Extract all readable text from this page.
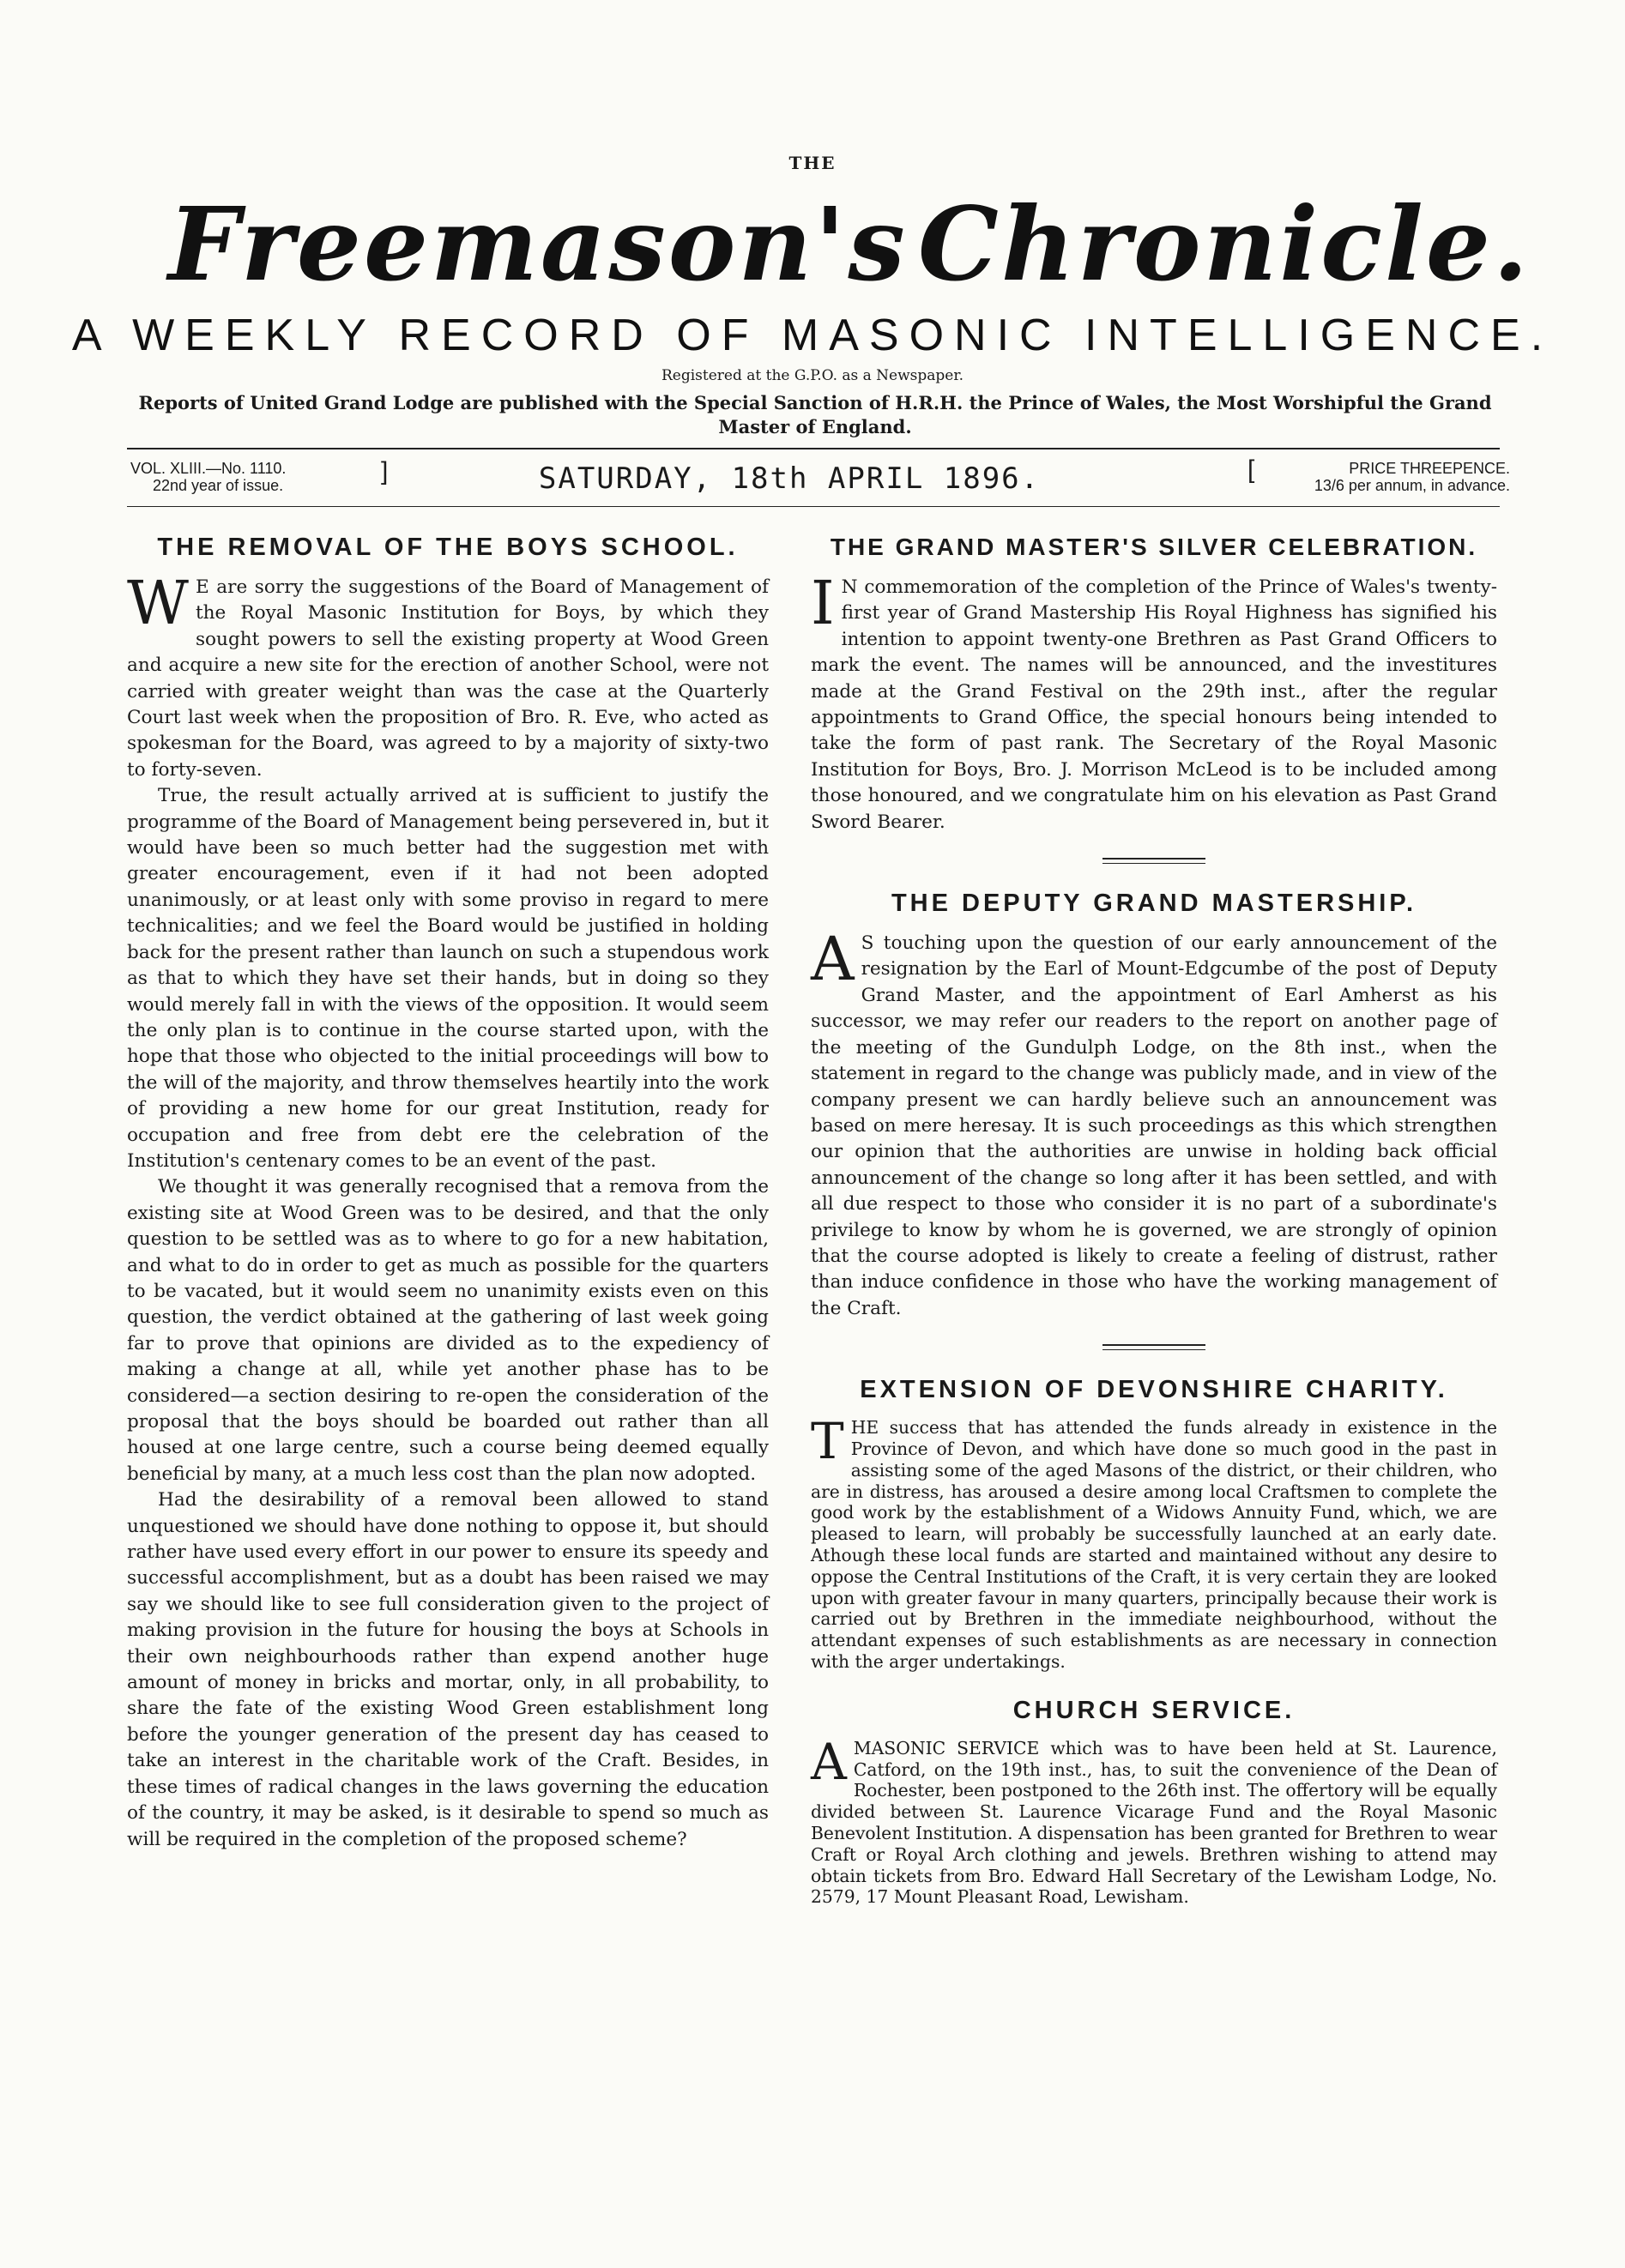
THE
Freemason's Chronicle.
A WEEKLY RECORD OF MASONIC INTELLIGENCE.
Registered at the G.P.O. as a Newspaper.
Reports of United Grand Lodge are published with the Special Sanction of H.R.H. the Prince of Wales, the Most Worshipful the Grand Master of England.
VOL. XLIII.—No. 1110.
22nd year of issue.	]	SATURDAY, 18th APRIL 1896.	[	PRICE THREEPENCE.
13/6 per annum, in advance.
THE REMOVAL OF THE BOYS SCHOOL.

W E are sorry the suggestions of the Board of Management of the Royal Masonic Institution for Boys, by which they sought powers to sell the existing property at Wood Green and acquire a new site for the erection of another School, were not carried with greater weight than was the case at the Quarterly Court last week when the proposition of Bro. R. Eve, who acted as spokesman for the Board, was agreed to by a majority of sixty-two to forty-seven.

True, the result actually arrived at is sufficient to justify the programme of the Board of Management being persevered in, but it would have been so much better had the suggestion met with greater encouragement, even if it had not been adopted unanimously, or at least only with some proviso in regard to mere technicalities; and we feel the Board would be justified in holding back for the present rather than launch on such a stupendous work as that to which they have set their hands, but in doing so they would merely fall in with the views of the opposition. It would seem the only plan is to continue in the course started upon, with the hope that those who objected to the initial proceedings will bow to the will of the majority, and throw themselves heartily into the work of providing a new home for our great Institution, ready for occupation and free from debt ere the celebration of the Institution's centenary comes to be an event of the past.

We thought it was generally recognised that a remova from the existing site at Wood Green was to be desired, and that the only question to be settled was as to where to go for a new habitation, and what to do in order to get as much as possible for the quarters to be vacated, but it would seem no unanimity exists even on this question, the verdict obtained at the gathering of last week going far to prove that opinions are divided as to the expediency of making a change at all, while yet another phase has to be considered—a section desiring to re-open the consideration of the proposal that the boys should be boarded out rather than all housed at one large centre, such a course being deemed equally beneficial by many, at a much less cost than the plan now adopted.

Had the desirability of a removal been allowed to stand unquestioned we should have done nothing to oppose it, but should rather have used every effort in our power to ensure its speedy and successful accomplishment, but as a doubt has been raised we may say we should like to see full consideration given to the project of making provision in the future for housing the boys at Schools in their own neighbourhoods rather than expend another huge amount of money in bricks and mortar, only, in all probability, to share the fate of the existing Wood Green establishment long before the younger generation of the present day has ceased to take an interest in the charitable work of the Craft. Besides, in these times of radical changes in the laws governing the education of the country, it may be asked, is it desirable to spend so much as will be required in the completion of the proposed scheme?

THE GRAND MASTER'S SILVER CELEBRATION.

I N commemoration of the completion of the Prince of Wales's twenty-first year of Grand Mastership His Royal Highness has signified his intention to appoint twenty-one Brethren as Past Grand Officers to mark the event. The names will be announced, and the investitures made at the Grand Festival on the 29th inst., after the regular appointments to Grand Office, the special honours being intended to take the form of past rank. The Secretary of the Royal Masonic Institution for Boys, Bro. J. Morrison McLeod is to be included among those honoured, and we congratulate him on his elevation as Past Grand Sword Bearer.

THE DEPUTY GRAND MASTERSHIP.

A S touching upon the question of our early announcement of the resignation by the Earl of Mount-Edgcumbe of the post of Deputy Grand Master, and the appointment of Earl Amherst as his successor, we may refer our readers to the report on another page of the meeting of the Gundulph Lodge, on the 8th inst., when the statement in regard to the change was publicly made, and in view of the company present we can hardly believe such an announcement was based on mere heresay. It is such proceedings as this which strengthen our opinion that the authorities are unwise in holding back official announcement of the change so long after it has been settled, and with all due respect to those who consider it is no part of a subordinate's privilege to know by whom he is governed, we are strongly of opinion that the course adopted is likely to create a feeling of distrust, rather than induce confidence in those who have the working management of the Craft.

EXTENSION OF DEVONSHIRE CHARITY.

THE success that has attended the funds already in existence in the Province of Devon, and which have done so much good in the past in assisting some of the aged Masons of the district, or their children, who are in distress, has aroused a desire among local Craftsmen to complete the good work by the establishment of a Widows Annuity Fund, which, we are pleased to learn, will probably be successfully launched at an early date. Athough these local funds are started and maintained without any desire to oppose the Central Institutions of the Craft, it is very certain they are looked upon with greater favour in many quarters, principally because their work is carried out by Brethren in the immediate neighbourhood, without the attendant expenses of such establishments as are necessary in connection with the arger undertakings.

CHURCH SERVICE.

AMASONIC SERVICE which was to have been held at St. Laurence, Catford, on the 19th inst., has, to suit the convenience of the Dean of Rochester, been postponed to the 26th inst. The offertory will be equally divided between St. Laurence Vicarage Fund and the Royal Masonic Benevolent Institution. A dispensation has been granted for Brethren to wear Craft or Royal Arch clothing and jewels. Brethren wishing to attend may obtain tickets from Bro. Edward Hall Secretary of the Lewisham Lodge, No. 2579, 17 Mount Pleasant Road, Lewisham.
